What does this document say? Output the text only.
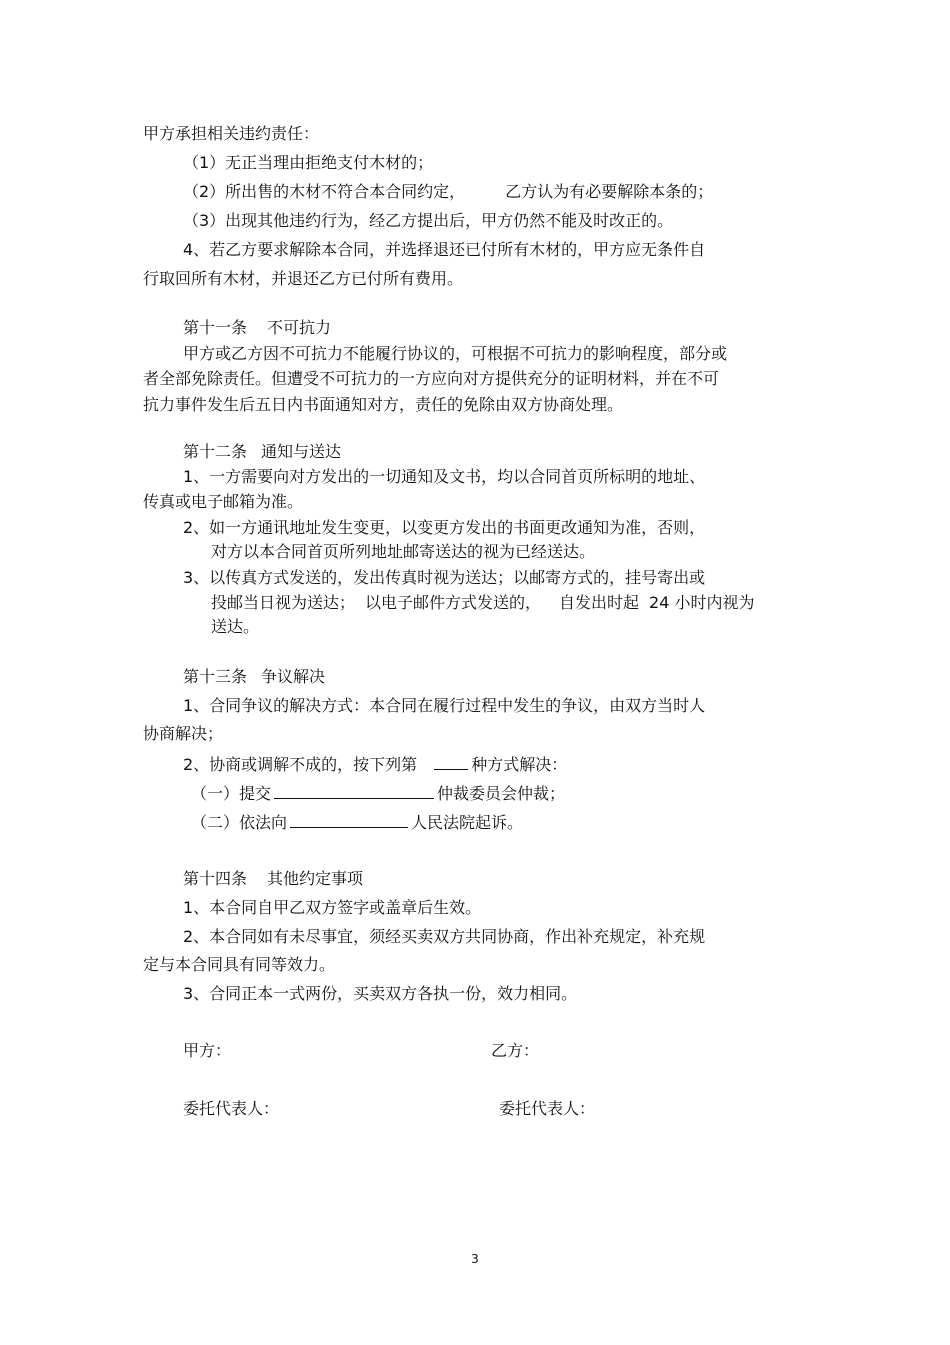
甲方承担相关违约责任：
（1）无正当理由拒绝支付木材的；
（2）所出售的木材不符合本合同约定，	乙方认为有必要解除本条的；
（3）出现其他违约行为，经乙方提出后，甲方仍然不能及时改正的。
4、若乙方要求解除本合同，并选择退还已付所有木材的，甲方应无条件自
行取回所有木材，并退还乙方已付所有费用。
第十一条 不可抗力
甲方或乙方因不可抗力不能履行协议的，可根据不可抗力的影响程度，部分或
者全部免除责任。但遭受不可抗力的一方应向对方提供充分的证明材料，并在不可
抗力事件发生后五日内书面通知对方，责任的免除由双方协商处理。
第十二条 通知与送达
1、一方需要向对方发出的一切通知及文书，均以合同首页所标明的地址、
传真或电子邮箱为准。
2、如一方通讯地址发生变更，以变更方发出的书面更改通知为准，否则，
对方以本合同首页所列地址邮寄送达的视为已经送达。
3、以传真方式发送的，发出传真时视为送达；以邮寄方式的，挂号寄出或
投邮当日视为送达； 以电子邮件方式发送的， 自发出时起 24 小时内视为
送达。
第十三条 争议解决
1、合同争议的解决方式：本合同在履行过程中发生的争议，由双方当时人
协商解决；
2、协商或调解不成的，按下列第	种方式解决：
（一）提交	仲裁委员会仲裁；
（二）依法向	人民法院起诉。
第十四条 其他约定事项
1、本合同自甲乙双方签字或盖章后生效。
2、本合同如有未尽事宜，须经买卖双方共同协商，作出补充规定，补充规
定与本合同具有同等效力。
3、合同正本一式两份，买卖双方各执一份，效力相同。
甲方：	乙方：
委托代表人：	委托代表人：
3
